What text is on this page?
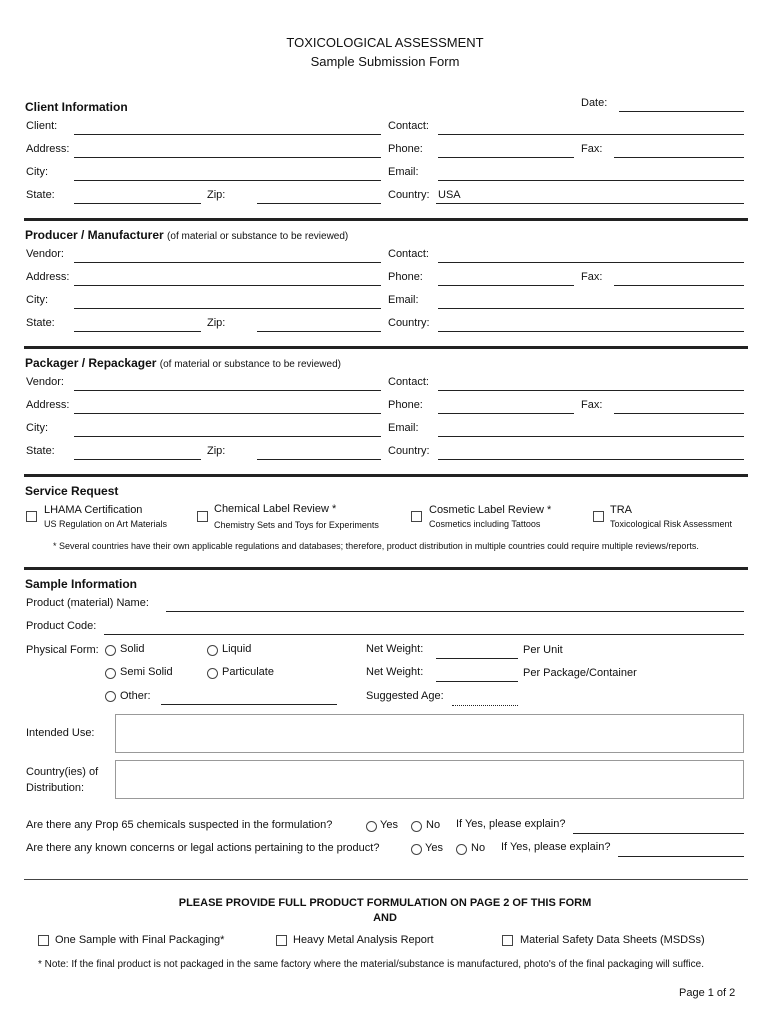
TOXICOLOGICAL ASSESSMENT
Sample Submission Form
Client Information	Date:
Client:	Contact:
Address:	Phone:	Fax:
City:	Email:
State:	Zip:	Country: USA
Producer / Manufacturer (of material or substance to be reviewed)
Vendor:	Contact:
Address:	Phone:	Fax:
City:	Email:
State:	Zip:	Country:
Packager / Repackager (of material or substance to be reviewed)
Vendor:	Contact:
Address:	Phone:	Fax:
City:	Email:
State:	Zip:	Country:
Service Request
LHAMA Certification
US Regulation on Art Materials
Chemical Label Review *
Chemistry Sets and Toys for Experiments
Cosmetic Label Review *
Cosmetics including Tattoos
TRA
Toxicological Risk Assessment
* Several countries have their own applicable regulations and databases; therefore, product distribution in multiple countries could require multiple reviews/reports.
Sample Information
Product (material) Name:
Product Code:
Physical Form: Solid	Liquid
Semi Solid	Particulate
Other:
Net Weight:	Per Unit
Net Weight:	Per Package/Container
Suggested Age:
Intended Use:
Country(ies) of
Distribution:
Are there any Prop 65 chemicals suspected in the formulation?	Yes	No If Yes, please explain?
Are there any known concerns or legal actions pertaining to the product?	Yes	No If Yes, please explain?
PLEASE PROVIDE FULL PRODUCT FORMULATION ON PAGE 2 OF THIS FORM
AND
One Sample with Final Packaging*	Heavy Metal Analysis Report	Material Safety Data Sheets (MSDSs)
* Note: If the final product is not packaged in the same factory where the material/substance is manufactured, photo's of the final packaging will suffice.
Page 1 of 2
